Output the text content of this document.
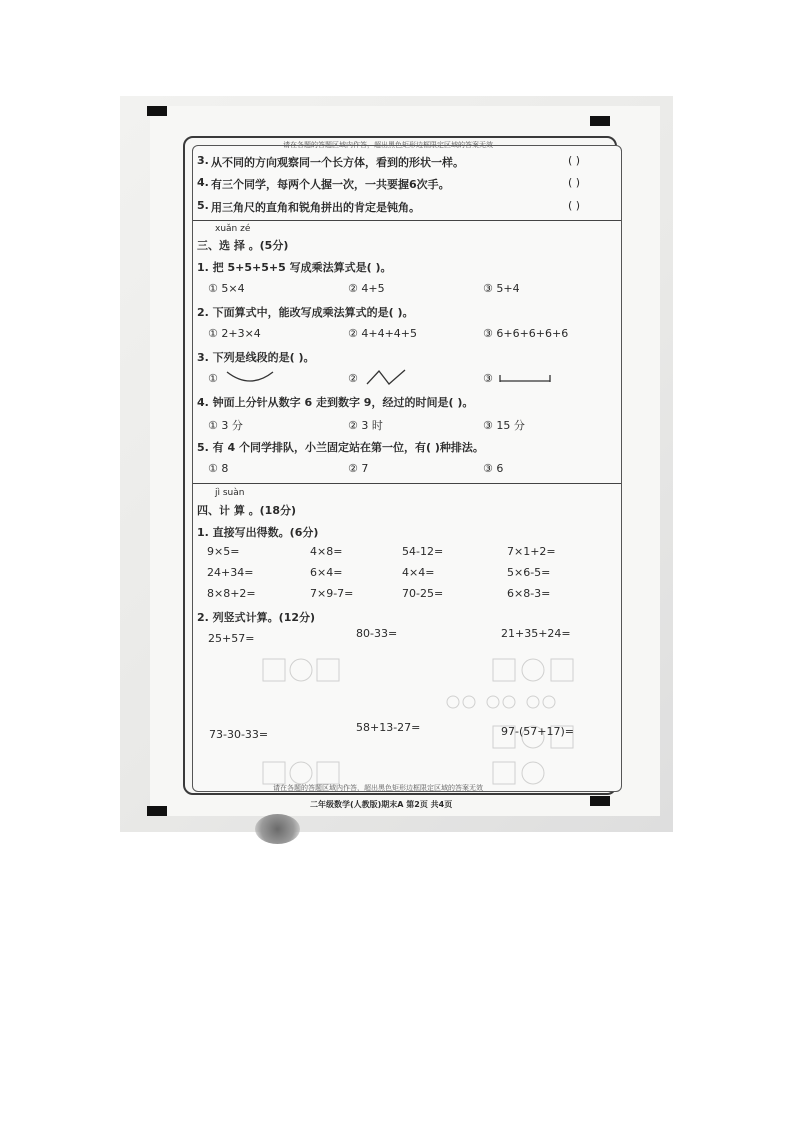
请在各题的答题区域内作答，超出黑色矩形边框限定区域的答案无效
3. 从不同的方向观察同一个长方体，看到的形状一样。	( )
4. 有三个同学，每两个人握一次，一共要握6次手。	( )
5. 用三角尺的直角和锐角拼出的肯定是钝角。	( )
xuǎn zé
三、选 择 。(5分)
1. 把 5+5+5+5 写成乘法算式是( )。
① 5×4	② 4+5	③ 5+4
2. 下面算式中，能改写成乘法算式的是( )。
① 2+3×4	② 4+4+4+5	③ 6+6+6+6+6
3. 下列是线段的是( )。
①	②	③
4. 钟面上分针从数字 6 走到数字 9，经过的时间是( )。
① 3 分	② 3 时	③ 15 分
5. 有 4 个同学排队，小兰固定站在第一位，有( )种排法。
① 8	② 7	③ 6
jì suàn
四、计 算 。(18分)
1. 直接写出得数。(6分)
9×5=	4×8=	54-12=	7×1+2=
24+34=	6×4=	4×4=	5×6-5=
8×8+2=	7×9-7=	70-25=	6×8-3=
2. 列竖式计算。(12分)
25+57=	80-33=	21+35+24=
73-30-33=
58+13-27=	97-(57+17)=
请在各题的答题区域内作答，超出黑色矩形边框限定区域的答案无效
二年级数学(人教版)期末A 第2页 共4页
